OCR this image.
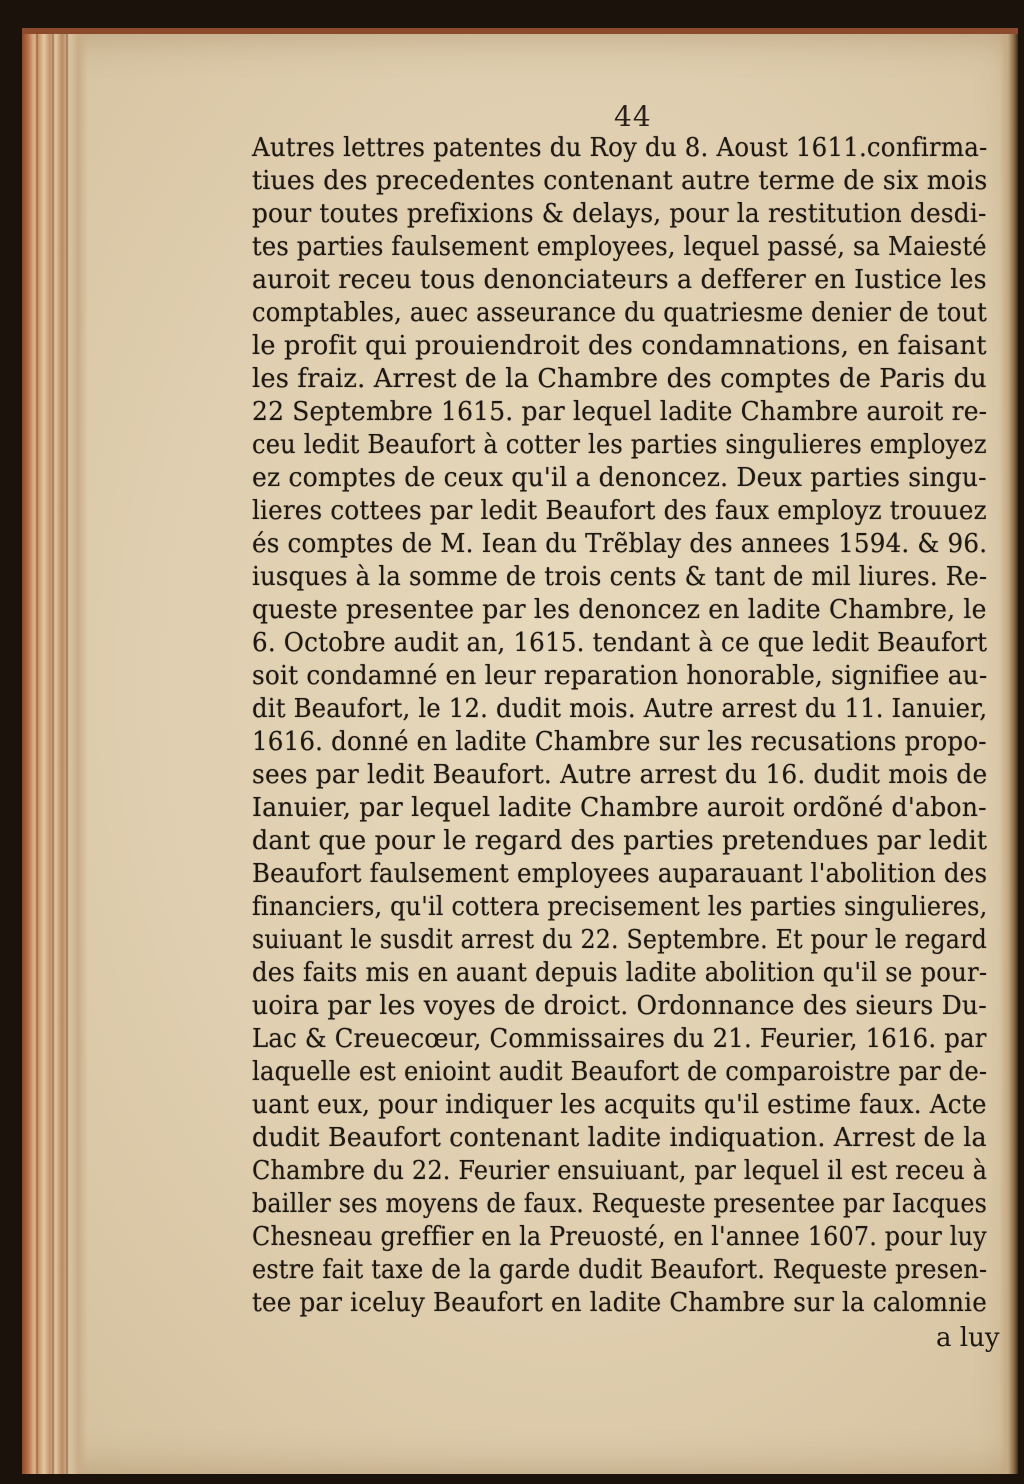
44
Autres lettres patentes du Roy du 8. Aoust 1611.confirma-
tiues des precedentes contenant autre terme de six mois
pour toutes prefixions & delays, pour la restitution desdi-
tes parties faulsement employees, lequel passé, sa Maiesté
auroit receu tous denonciateurs a defferer en Iustice les
comptables, auec asseurance du quatriesme denier de tout
le profit qui prouiendroit des condamnations, en faisant
les fraiz. Arrest de la Chambre des comptes de Paris du
22 Septembre 1615. par lequel ladite Chambre auroit re-
ceu ledit Beaufort à cotter les parties singulieres employez
ez comptes de ceux qu'il a denoncez. Deux parties singu-
lieres cottees par ledit Beaufort des faux employz trouuez
és comptes de M. Iean du Trẽblay des annees 1594. & 96.
iusques à la somme de trois cents & tant de mil liures. Re-
queste presentee par les denoncez en ladite Chambre, le
6. Octobre audit an, 1615. tendant à ce que ledit Beaufort
soit condamné en leur reparation honorable, signifiee au-
dit Beaufort, le 12. dudit mois. Autre arrest du 11. Ianuier,
1616. donné en ladite Chambre sur les recusations propo-
sees par ledit Beaufort. Autre arrest du 16. dudit mois de
Ianuier, par lequel ladite Chambre auroit ordõné d'abon-
dant que pour le regard des parties pretendues par ledit
Beaufort faulsement employees auparauant l'abolition des
financiers, qu'il cottera precisement les parties singulieres,
suiuant le susdit arrest du 22. Septembre. Et pour le regard
des faits mis en auant depuis ladite abolition qu'il se pour-
uoira par les voyes de droict. Ordonnance des sieurs Du-
Lac & Creuecœur, Commissaires du 21. Feurier, 1616. par
laquelle est enioint audit Beaufort de comparoistre par de-
uant eux, pour indiquer les acquits qu'il estime faux. Acte
dudit Beaufort contenant ladite indiquation. Arrest de la
Chambre du 22. Feurier ensuiuant, par lequel il est receu à
bailler ses moyens de faux. Requeste presentee par Iacques
Chesneau greffier en la Preuosté, en l'annee 1607. pour luy
estre fait taxe de la garde dudit Beaufort. Requeste presen-
tee par iceluy Beaufort en ladite Chambre sur la calomnie
a luy
